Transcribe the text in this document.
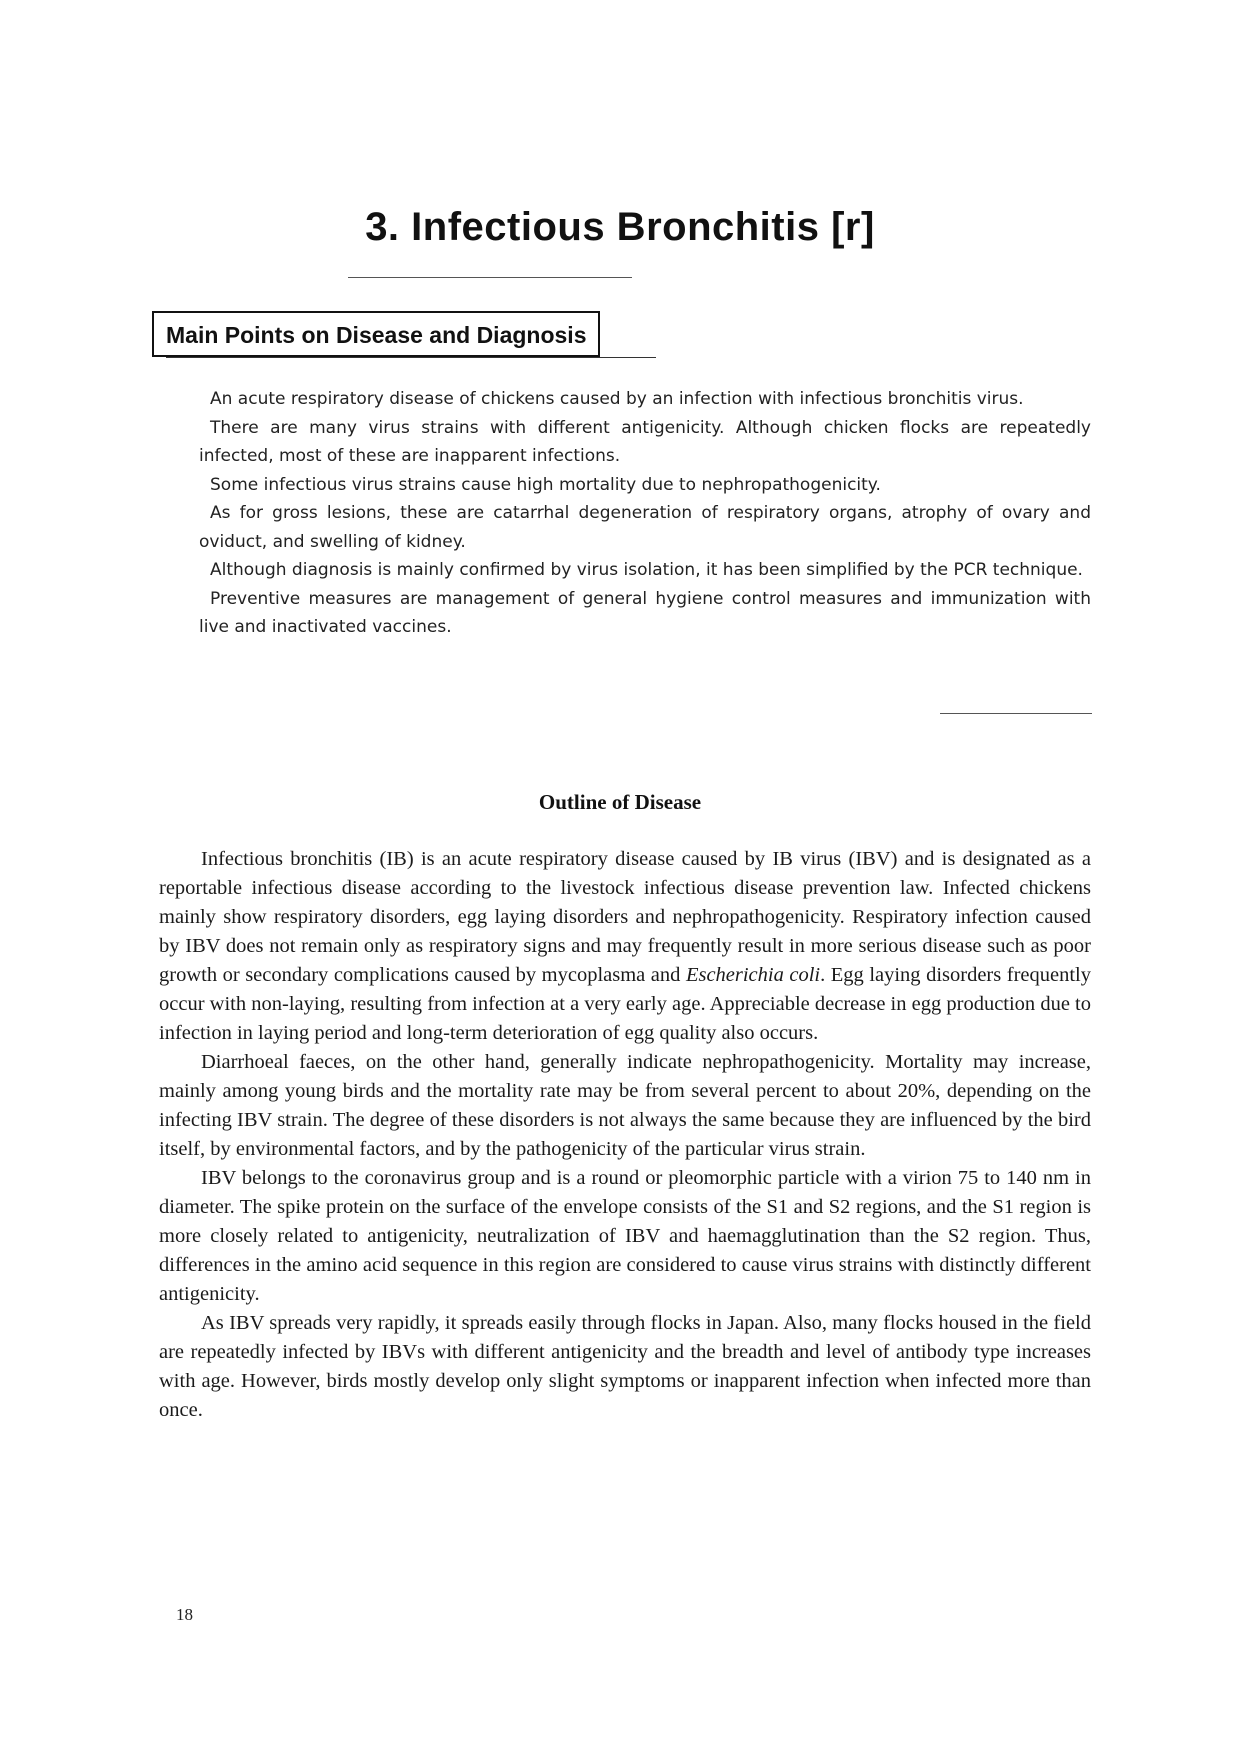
3. Infectious Bronchitis [r]
Main Points on Disease and Diagnosis

An acute respiratory disease of chickens caused by an infection with infectious bronchitis virus.

There are many virus strains with different antigenicity. Although chicken flocks are repeatedly infected, most of these are inapparent infections.

Some infectious virus strains cause high mortality due to nephropathogenicity.

As for gross lesions, these are catarrhal degeneration of respiratory organs, atrophy of ovary and oviduct, and swelling of kidney.

Although diagnosis is mainly confirmed by virus isolation, it has been simplified by the PCR technique.

Preventive measures are management of general hygiene control measures and immunization with live and inactivated vaccines.

Outline of Disease

Infectious bronchitis (IB) is an acute respiratory disease caused by IB virus (IBV) and is designated as a reportable infectious disease according to the livestock infectious disease prevention law. Infected chickens mainly show respiratory disorders, egg laying disorders and nephropathogenicity. Respiratory infection caused by IBV does not remain only as respiratory signs and may frequently result in more serious disease such as poor growth or secondary complications caused by mycoplasma and Escherichia coli. Egg laying disorders frequently occur with non-laying, resulting from infection at a very early age. Appreciable decrease in egg production due to infection in laying period and long-term deterioration of egg quality also occurs.

Diarrhoeal faeces, on the other hand, generally indicate nephropathogenicity. Mortality may increase, mainly among young birds and the mortality rate may be from several percent to about 20%, depending on the infecting IBV strain. The degree of these disorders is not always the same because they are influenced by the bird itself, by environmental factors, and by the pathogenicity of the particular virus strain.

IBV belongs to the coronavirus group and is a round or pleomorphic particle with a virion 75 to 140 nm in diameter. The spike protein on the surface of the envelope consists of the S1 and S2 regions, and the S1 region is more closely related to antigenicity, neutralization of IBV and haemagglutination than the S2 region. Thus, differences in the amino acid sequence in this region are considered to cause virus strains with distinctly different antigenicity.

As IBV spreads very rapidly, it spreads easily through flocks in Japan. Also, many flocks housed in the field are repeatedly infected by IBVs with different antigenicity and the breadth and level of antibody type increases with age. However, birds mostly develop only slight symptoms or inapparent infection when infected more than once.

18
